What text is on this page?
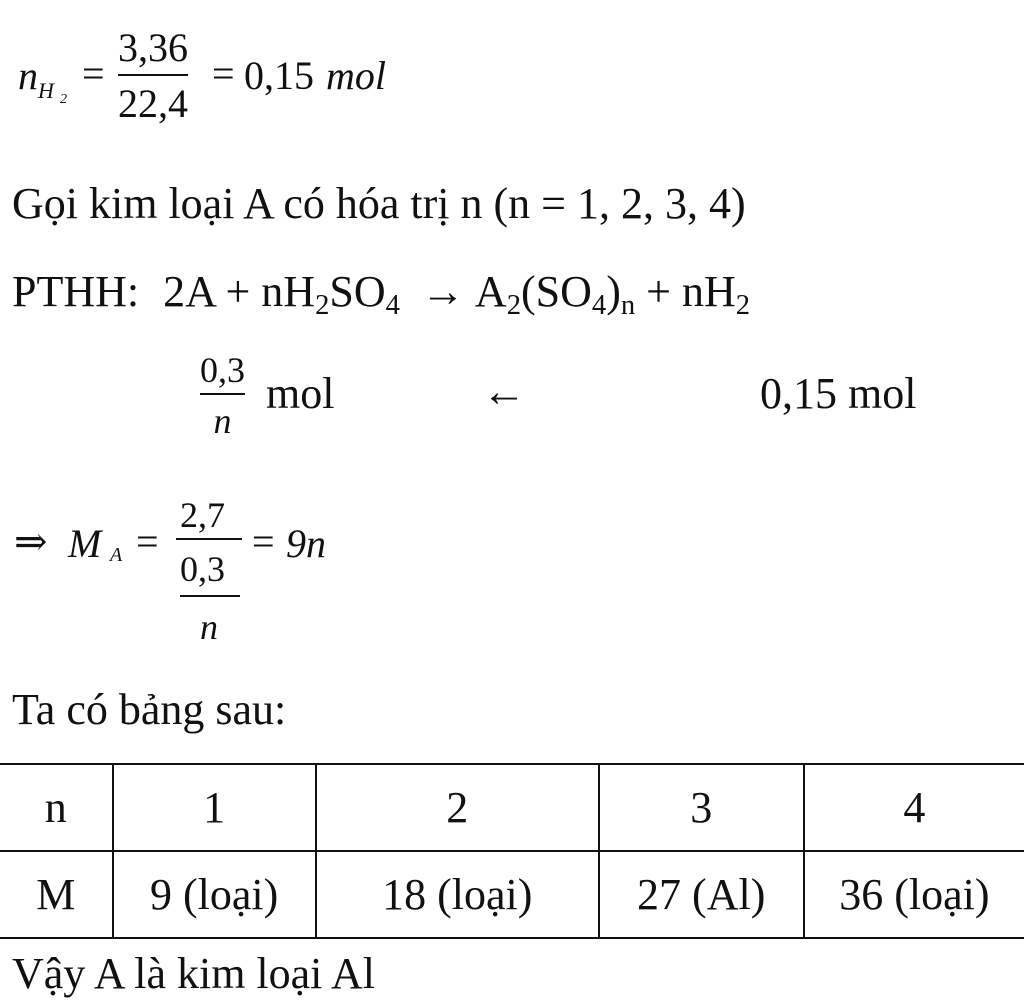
n H 2
=
3,36
22,4
= 0,15 mol
Gọi kim loại A có hóa trị n (n = 1, 2, 3, 4)
PTHH: $2A + nH_2SO_4 \to A_2(SO_4)_n + nH_2$
0,3
n
mol	←	0,15 mol
⇒ M A =
2,7
0,3
n
= 9n
Ta có bảng sau:
n	1	2	3	4
M	9 (loại)	18 (loại)	27 (Al)	36 (loại)
Vậy A là kim loại Al
